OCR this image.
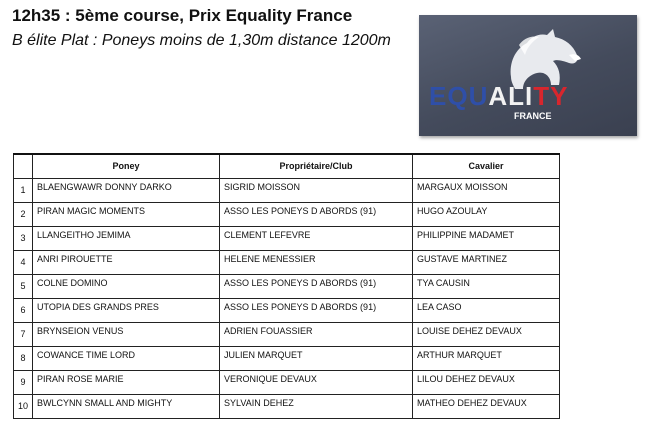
12h35 : 5ème course, Prix Equality France

B élite Plat : Poneys moins de 1,30m distance 1200m

EQUALITY
FRANCE
	Poney	Propriétaire/Club	Cavalier
1	BLAENGWAWR DONNY DARKO	SIGRID MOISSON	MARGAUX MOISSON
2	PIRAN MAGIC MOMENTS	ASSO LES PONEYS D ABORDS (91)	HUGO AZOULAY
3	LLANGEITHO JEMIMA	CLEMENT LEFEVRE	PHILIPPINE MADAMET
4	ANRI PIROUETTE	HELENE MENESSIER	GUSTAVE MARTINEZ
5	COLNE DOMINO	ASSO LES PONEYS D ABORDS (91)	TYA CAUSIN
6	UTOPIA DES GRANDS PRES	ASSO LES PONEYS D ABORDS (91)	LEA CASO
7	BRYNSEION VENUS	ADRIEN FOUASSIER	LOUISE DEHEZ DEVAUX
8	COWANCE TIME LORD	JULIEN MARQUET	ARTHUR MARQUET
9	PIRAN ROSE MARIE	VERONIQUE DEVAUX	LILOU DEHEZ DEVAUX
10	BWLCYNN SMALL AND MIGHTY	SYLVAIN DEHEZ	MATHEO DEHEZ DEVAUX
